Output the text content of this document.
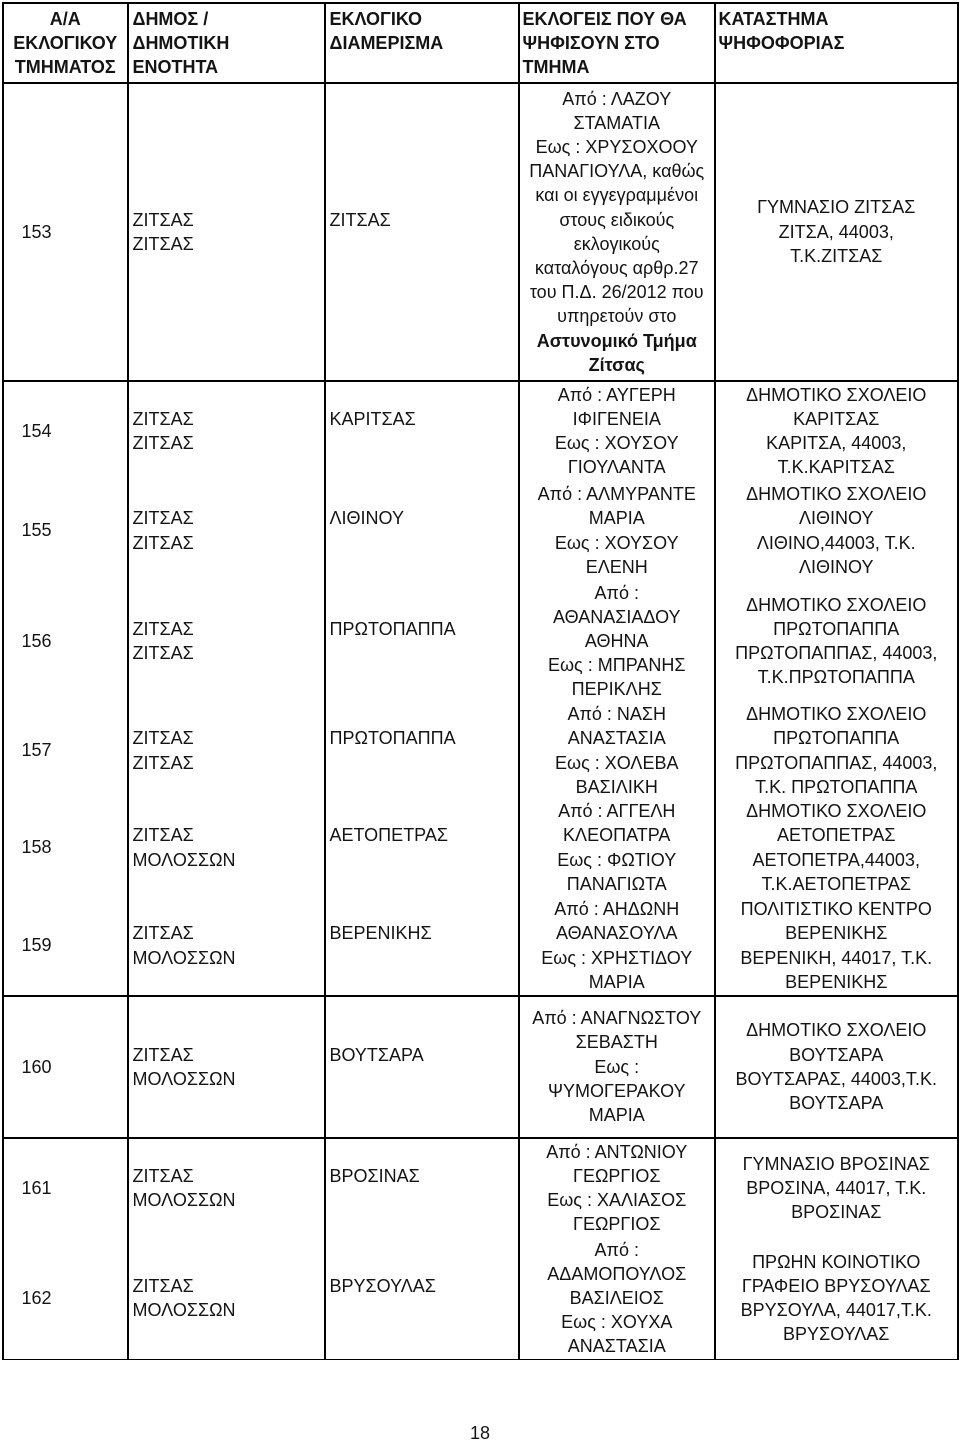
Α/Α
ΕΚΛΟΓΙΚΟΥ
ΤΜΗΜΑΤΟΣ
ΔΗΜΟΣ /
ΔΗΜΟΤΙΚΗ
ΕΝΟΤΗΤΑ
ΕΚΛΟΓΙΚΟ
ΔΙΑΜΕΡΙΣΜΑ
ΕΚΛΟΓΕΙΣ ΠΟΥ ΘΑ
ΨΗΦΙΣΟΥΝ ΣΤΟ
ΤΜΗΜΑ
ΚΑΤΑΣΤΗΜΑ
ΨΗΦΟΦΟΡΙΑΣ
153
ΖΙΤΣΑΣ
ΖΙΤΣΑΣ
ΖΙΤΣΑΣ
Από : ΛΑΖΟΥ
ΣΤΑΜΑΤΙΑ
Εως : ΧΡΥΣΟΧΟΟΥ
ΠΑΝΑΓΙΟΥΛΑ, καθώς
και οι εγγεγραμμένοι
στους ειδικούς
εκλογικούς
καταλόγους αρθρ.27
του Π.Δ. 26/2012 που
υπηρετούν στο
Αστυνομικό Τμήμα
Ζίτσας
ΓΥΜΝΑΣΙΟ ΖΙΤΣΑΣ
ΖΙΤΣΑ, 44003,
Τ.Κ.ΖΙΤΣΑΣ
154
ΖΙΤΣΑΣ
ΖΙΤΣΑΣ
ΚΑΡΙΤΣΑΣ
Από : ΑΥΓΕΡΗ
ΙΦΙΓΕΝΕΙΑ
Εως : ΧΟΥΣΟΥ
ΓΙΟΥΛΑΝΤΑ
ΔΗΜΟΤΙΚΟ ΣΧΟΛΕΙΟ
ΚΑΡΙΤΣΑΣ
ΚΑΡΙΤΣΑ, 44003,
Τ.Κ.ΚΑΡΙΤΣΑΣ
155
ΖΙΤΣΑΣ
ΖΙΤΣΑΣ
ΛΙΘΙΝΟΥ
Από : ΑΛΜΥΡΑΝΤΕ
ΜΑΡΙΑ
Εως : ΧΟΥΣΟΥ
ΕΛΕΝΗ
ΔΗΜΟΤΙΚΟ ΣΧΟΛΕΙΟ
ΛΙΘΙΝΟΥ
ΛΙΘΙΝΟ,44003, Τ.Κ.
ΛΙΘΙΝΟΥ
156
ΖΙΤΣΑΣ
ΖΙΤΣΑΣ
ΠΡΩΤΟΠΑΠΠΑ
Από :
ΑΘΑΝΑΣΙΑΔΟΥ
ΑΘΗΝΑ
Εως : ΜΠΡΑΝΗΣ
ΠΕΡΙΚΛΗΣ
ΔΗΜΟΤΙΚΟ ΣΧΟΛΕΙΟ
ΠΡΩΤΟΠΑΠΠΑ
ΠΡΩΤΟΠΑΠΠΑΣ, 44003,
Τ.Κ.ΠΡΩΤΟΠΑΠΠΑ
157
ΖΙΤΣΑΣ
ΖΙΤΣΑΣ
ΠΡΩΤΟΠΑΠΠΑ
Από : ΝΑΣΗ
ΑΝΑΣΤΑΣΙΑ
Εως : ΧΟΛΕΒΑ
ΒΑΣΙΛΙΚΗ
ΔΗΜΟΤΙΚΟ ΣΧΟΛΕΙΟ
ΠΡΩΤΟΠΑΠΠΑ
ΠΡΩΤΟΠΑΠΠΑΣ, 44003,
Τ.Κ. ΠΡΩΤΟΠΑΠΠΑ
158
ΖΙΤΣΑΣ
ΜΟΛΟΣΣΩΝ
ΑΕΤΟΠΕΤΡΑΣ
Από : ΑΓΓΕΛΗ
ΚΛΕΟΠΑΤΡΑ
Εως : ΦΩΤΙΟΥ
ΠΑΝΑΓΙΩΤΑ
ΔΗΜΟΤΙΚΟ ΣΧΟΛΕΙΟ
ΑΕΤΟΠΕΤΡΑΣ
ΑΕΤΟΠΕΤΡΑ,44003,
Τ.Κ.ΑΕΤΟΠΕΤΡΑΣ
159
ΖΙΤΣΑΣ
ΜΟΛΟΣΣΩΝ
ΒΕΡΕΝΙΚΗΣ
Από : ΑΗΔΩΝΗ
ΑΘΑΝΑΣΟΥΛΑ
Εως : ΧΡΗΣΤΙΔΟΥ
ΜΑΡΙΑ
ΠΟΛΙΤΙΣΤΙΚΟ ΚΕΝΤΡΟ
ΒΕΡΕΝΙΚΗΣ
ΒΕΡΕΝΙΚΗ, 44017, Τ.Κ.
ΒΕΡΕΝΙΚΗΣ
160
ΖΙΤΣΑΣ
ΜΟΛΟΣΣΩΝ
ΒΟΥΤΣΑΡΑ
Από : ΑΝΑΓΝΩΣΤΟΥ
ΣΕΒΑΣΤΗ
Εως :
ΨΥΜΟΓΕΡΑΚΟΥ
ΜΑΡΙΑ
ΔΗΜΟΤΙΚΟ ΣΧΟΛΕΙΟ
ΒΟΥΤΣΑΡΑ
ΒΟΥΤΣΑΡΑΣ, 44003,Τ.Κ.
ΒΟΥΤΣΑΡΑ
161
ΖΙΤΣΑΣ
ΜΟΛΟΣΣΩΝ
ΒΡΟΣΙΝΑΣ
Από : ΑΝΤΩΝΙΟΥ
ΓΕΩΡΓΙΟΣ
Εως : ΧΑΛΙΑΣΟΣ
ΓΕΩΡΓΙΟΣ
ΓΥΜΝΑΣΙΟ ΒΡΟΣΙΝΑΣ
ΒΡΟΣΙΝΑ, 44017, Τ.Κ.
ΒΡΟΣΙΝΑΣ
162
ΖΙΤΣΑΣ
ΜΟΛΟΣΣΩΝ
ΒΡΥΣΟΥΛΑΣ
Από :
ΑΔΑΜΟΠΟΥΛΟΣ
ΒΑΣΙΛΕΙΟΣ
Εως : ΧΟΥΧΑ
ΑΝΑΣΤΑΣΙΑ
ΠΡΩΗΝ ΚΟΙΝΟΤΙΚΟ
ΓΡΑΦΕΙΟ ΒΡΥΣΟΥΛΑΣ
ΒΡΥΣΟΥΛΑ, 44017,Τ.Κ.
ΒΡΥΣΟΥΛΑΣ
18
